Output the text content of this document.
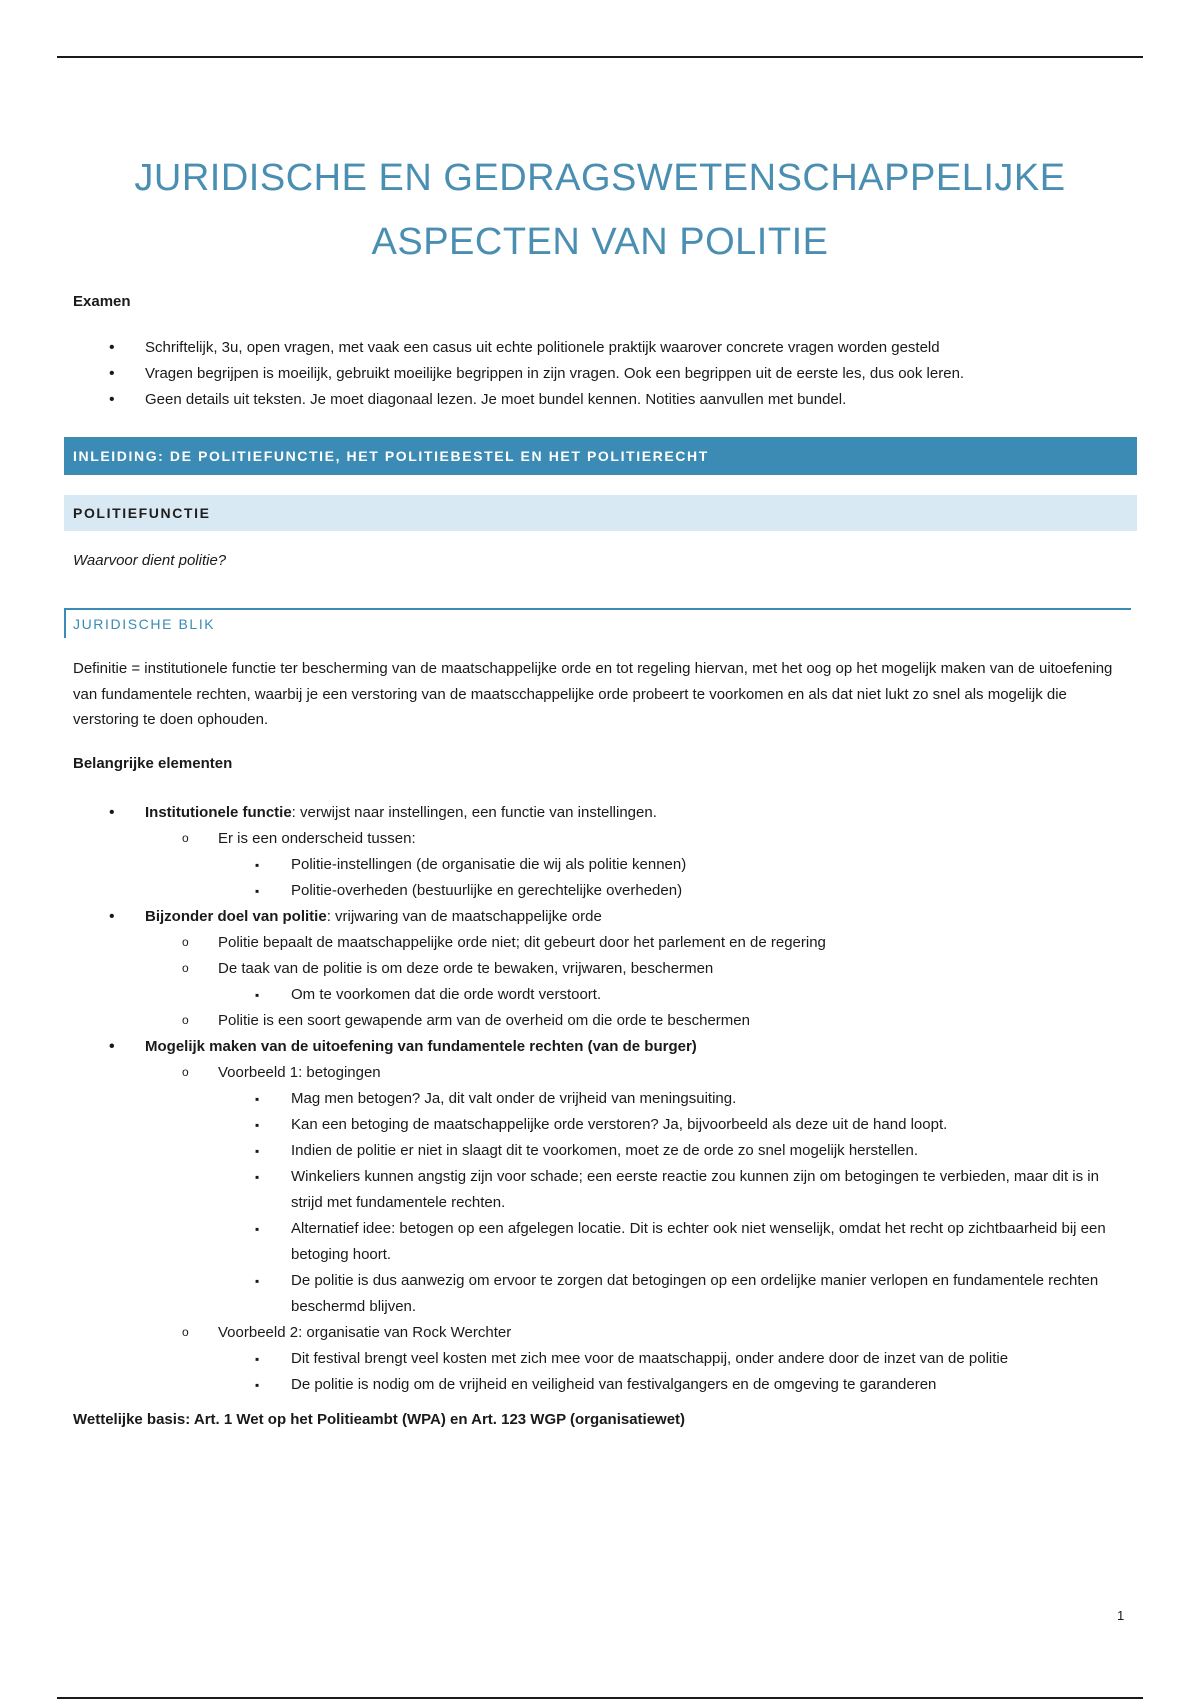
JURIDISCHE EN GEDRAGSWETENSCHAPPELIJKE
ASPECTEN VAN POLITIE
Examen
• Schriftelijk, 3u, open vragen, met vaak een casus uit echte politionele praktijk waarover concrete vragen worden gesteld
• Vragen begrijpen is moeilijk, gebruikt moeilijke begrippen in zijn vragen. Ook een begrippen uit de eerste les, dus ook leren.
• Geen details uit teksten. Je moet diagonaal lezen. Je moet bundel kennen. Notities aanvullen met bundel.
INLEIDING: DE POLITIEFUNCTIE, HET POLITIEBESTEL EN HET POLITIERECHT
POLITIEFUNCTIE
Waarvoor dient politie?
JURIDISCHE BLIK

Definitie = institutionele functie ter bescherming van de maatschappelijke orde en tot regeling hiervan, met het oog op het mogelijk maken van de uitoefening van fundamentele rechten, waarbij je een verstoring van de maatscchappelijke orde probeert te voorkomen en als dat niet lukt zo snel als mogelijk die verstoring te doen ophouden.

Belangrijke elementen
• Institutionele functie: verwijst naar instellingen, een functie van instellingen.
o Er is een onderscheid tussen:
▪ Politie-instellingen (de organisatie die wij als politie kennen)
▪ Politie-overheden (bestuurlijke en gerechtelijke overheden)
• Bijzonder doel van politie: vrijwaring van de maatschappelijke orde
o Politie bepaalt de maatschappelijke orde niet; dit gebeurt door het parlement en de regering
o De taak van de politie is om deze orde te bewaken, vrijwaren, beschermen
▪ Om te voorkomen dat die orde wordt verstoort.
o Politie is een soort gewapende arm van de overheid om die orde te beschermen
• Mogelijk maken van de uitoefening van fundamentele rechten (van de burger)
o Voorbeeld 1: betogingen
▪ Mag men betogen? Ja, dit valt onder de vrijheid van meningsuiting.
▪ Kan een betoging de maatschappelijke orde verstoren? Ja, bijvoorbeeld als deze uit de hand loopt.
▪ Indien de politie er niet in slaagt dit te voorkomen, moet ze de orde zo snel mogelijk herstellen.
▪ Winkeliers kunnen angstig zijn voor schade; een eerste reactie zou kunnen zijn om betogingen te verbieden, maar dit is in strijd met fundamentele rechten.
▪ Alternatief idee: betogen op een afgelegen locatie. Dit is echter ook niet wenselijk, omdat het recht op zichtbaarheid bij een betoging hoort.
▪ De politie is dus aanwezig om ervoor te zorgen dat betogingen op een ordelijke manier verlopen en fundamentele rechten beschermd blijven.
o Voorbeeld 2: organisatie van Rock Werchter
▪ Dit festival brengt veel kosten met zich mee voor de maatschappij, onder andere door de inzet van de politie
▪ De politie is nodig om de vrijheid en veiligheid van festivalgangers en de omgeving te garanderen
Wettelijke basis: Art. 1 Wet op het Politieambt (WPA) en Art. 123 WGP (organisatiewet)
1
